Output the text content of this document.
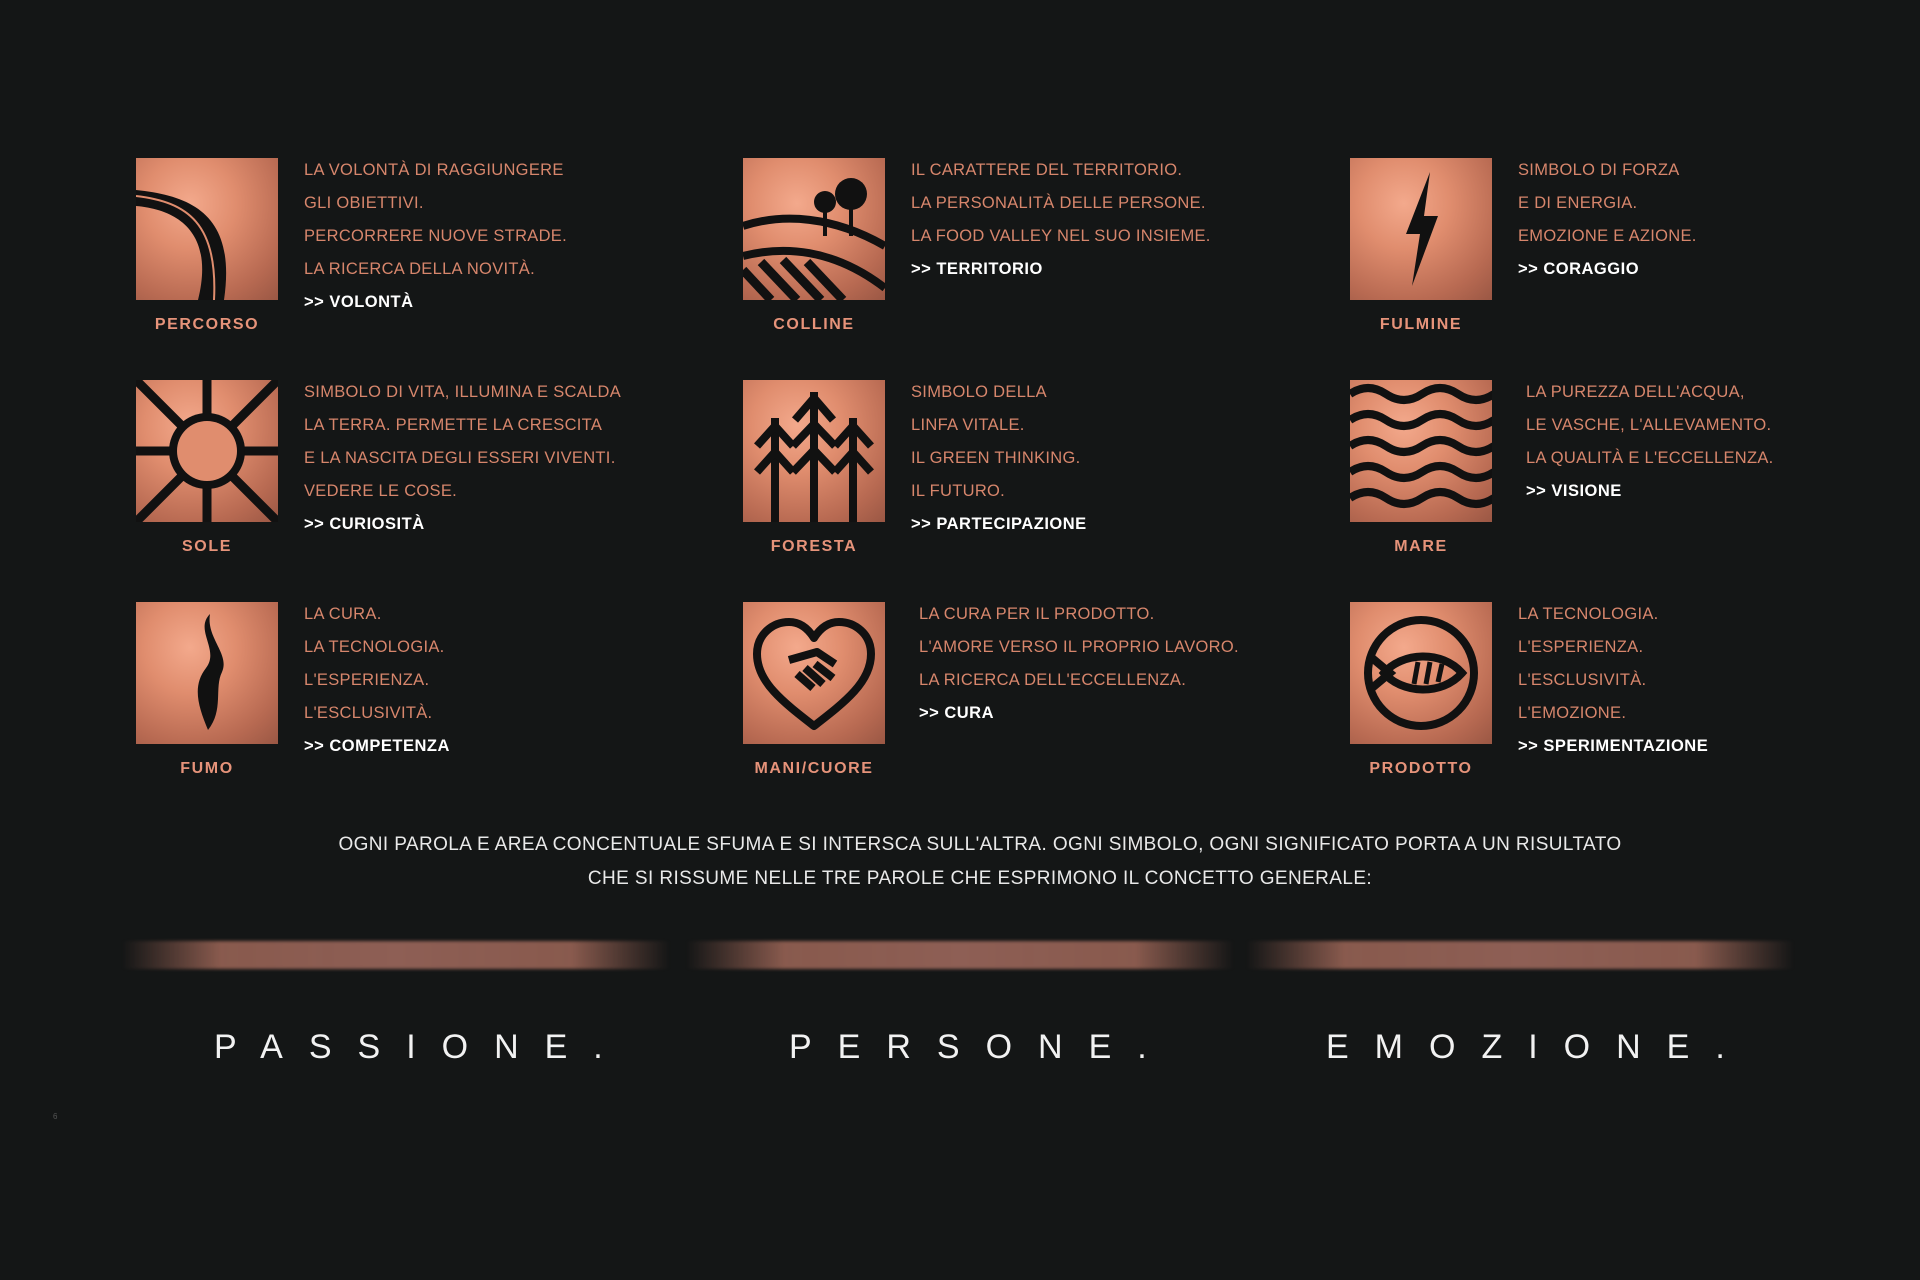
PERCORSO
LA VOLONTÀ DI RAGGIUNGERE
GLI OBIETTIVI.
PERCORRERE NUOVE STRADE.
LA RICERCA DELLA NOVITÀ.
>> VOLONTÀ
COLLINE
IL CARATTERE DEL TERRITORIO.
LA PERSONALITÀ DELLE PERSONE.
LA FOOD VALLEY NEL SUO INSIEME.
>> TERRITORIO
FULMINE
SIMBOLO DI FORZA
E DI ENERGIA.
EMOZIONE E AZIONE.
>> CORAGGIO
SOLE
SIMBOLO DI VITA, ILLUMINA E SCALDA
LA TERRA. PERMETTE LA CRESCITA
E LA NASCITA DEGLI ESSERI VIVENTI.
VEDERE LE COSE.
>> CURIOSITÀ
FORESTA
SIMBOLO DELLA
LINFA VITALE.
IL GREEN THINKING.
IL FUTURO.
>> PARTECIPAZIONE
MARE
LA PUREZZA DELL'ACQUA,
LE VASCHE, L'ALLEVAMENTO.
LA QUALITÀ E L'ECCELLENZA.
>> VISIONE
FUMO
LA CURA.
LA TECNOLOGIA.
L'ESPERIENZA.
L'ESCLUSIVITÀ.
>> COMPETENZA
MANI/CUORE
LA CURA PER IL PRODOTTO.
L'AMORE VERSO IL PROPRIO LAVORO.
LA RICERCA DELL'ECCELLENZA.
>> CURA
PRODOTTO
LA TECNOLOGIA.
L'ESPERIENZA.
L'ESCLUSIVITÀ.
L'EMOZIONE.
>> SPERIMENTAZIONE
OGNI PAROLA E AREA CONCENTUALE SFUMA E SI INTERSCA SULL'ALTRA. OGNI SIMBOLO, OGNI SIGNIFICATO PORTA A UN RISULTATO
CHE SI RISSUME NELLE TRE PAROLE CHE ESPRIMONO IL CONCETTO GENERALE:
PASSIONE.	PERSONE.	EMOZIONE.
6
